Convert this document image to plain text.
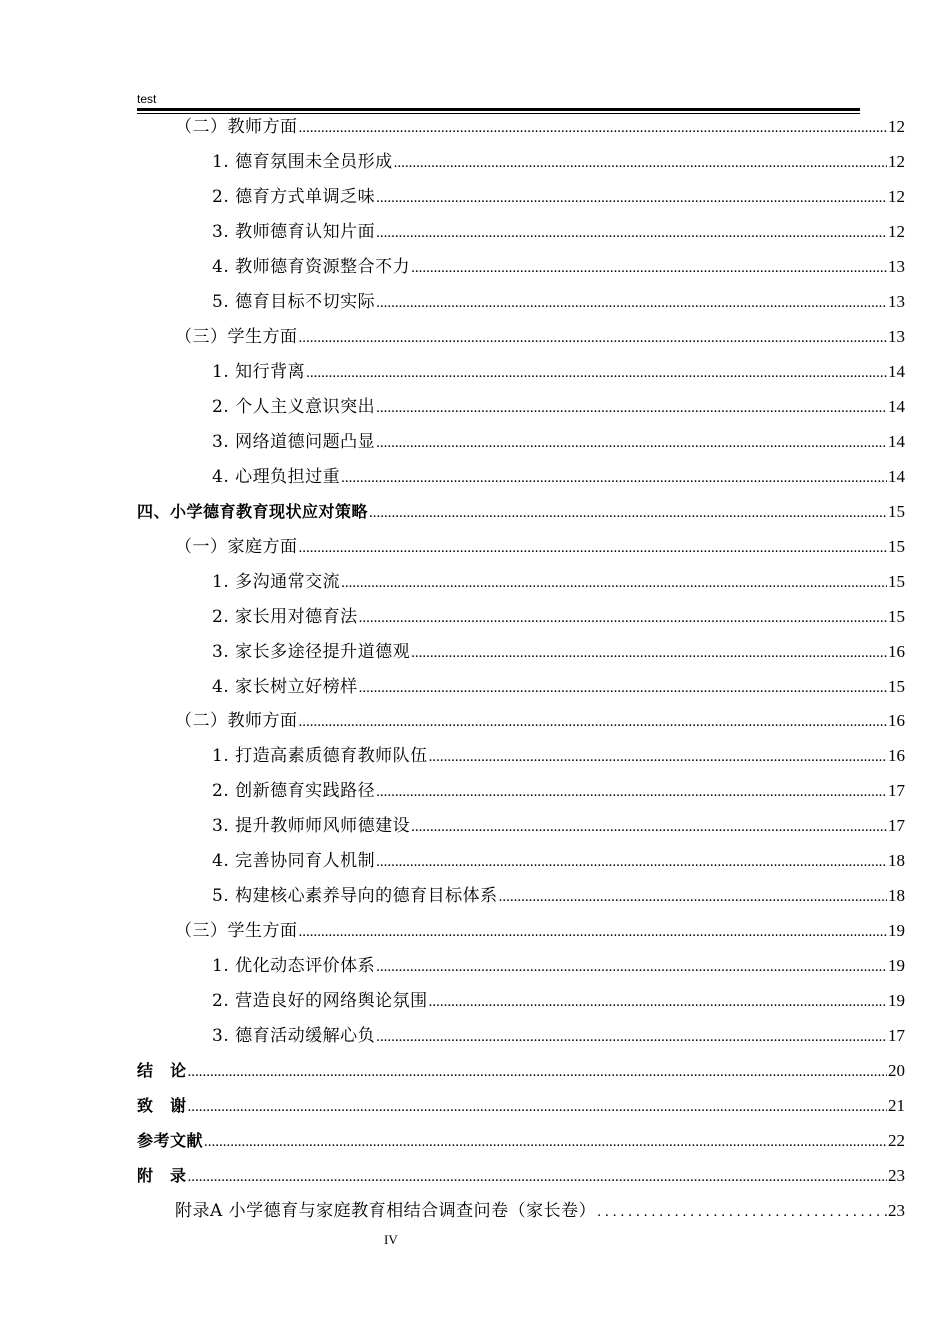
test
（二）教师方面 .....	12
1. 德育氛围未全员形成 .....	12
2. 德育方式单调乏味 .....	12
3. 教师德育认知片面 .....	12
4. 教师德育资源整合不力 .....	13
5. 德育目标不切实际 .....	13
（三）学生方面 .....	13
1. 知行背离 .....	14
2. 个人主义意识突出 .....	14
3. 网络道德问题凸显 .....	14
4. 心理负担过重 .....	14
四、小学德育教育现状应对策略 .....	15
（一）家庭方面 .....	15
1. 多沟通常交流 .....	15
2. 家长用对德育法 .....	15
3. 家长多途径提升道德观 .....	16
4. 家长树立好榜样 .....	15
（二）教师方面 .....	16
1. 打造高素质德育教师队伍 .....	16
2. 创新德育实践路径 .....	17
3. 提升教师师风师德建设 .....	17
4. 完善协同育人机制 .....	18
5. 构建核心素养导向的德育目标体系 .....	18
（三）学生方面 .....	19
1. 优化动态评价体系 .....	19
2. 营造良好的网络舆论氛围 .....	19
3. 德育活动缓解心负 .....	17
结　论 .....	20
致　谢 .....	21
参考文献 .....	22
附　录 .....	23
附录A 小学德育与家庭教育相结合调查问卷（家长卷） .....	23
IV
